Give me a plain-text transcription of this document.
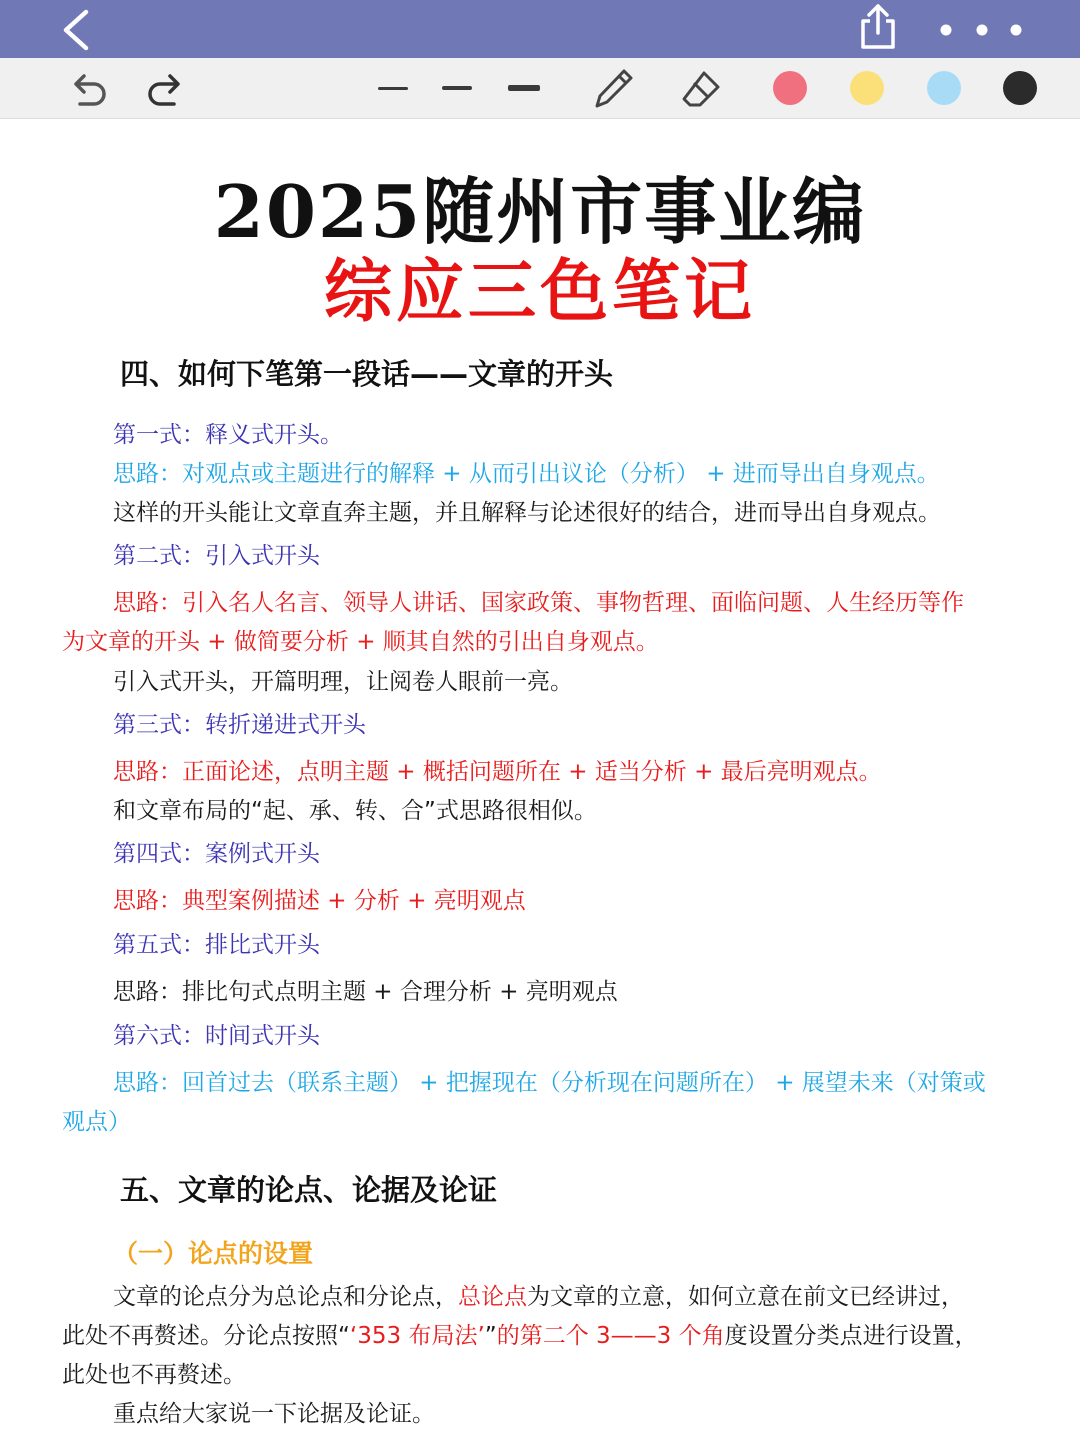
2025随州市事业编
综应三色笔记
四、如何下笔第一段话——文章的开头
第一式：释义式开头。
思路：对观点或主题进行的解释 + 从而引出议论（分析） + 进而导出自身观点。
这样的开头能让文章直奔主题，并且解释与论述很好的结合，进而导出自身观点。
第二式：引入式开头
思路：引入名人名言、领导人讲话、国家政策、事物哲理、面临问题、人生经历等作
为文章的开头 + 做简要分析 + 顺其自然的引出自身观点。
引入式开头，开篇明理，让阅卷人眼前一亮。
第三式：转折递进式开头
思路：正面论述，点明主题 + 概括问题所在 + 适当分析 + 最后亮明观点。
和文章布局的“起、承、转、合”式思路很相似。
第四式：案例式开头
思路：典型案例描述 + 分析 + 亮明观点
第五式：排比式开头
思路：排比句式点明主题 + 合理分析 + 亮明观点
第六式：时间式开头
思路：回首过去（联系主题） + 把握现在（分析现在问题所在） + 展望未来（对策或
观点）
五、文章的论点、论据及论证
（一）论点的设置
文章的论点分为总论点和分论点，总论点为文章的立意，如何立意在前文已经讲过，
此处不再赘述。分论点按照“‘353 布局法’”的第二个 3——3 个角度设置分类点进行设置，
此处也不再赘述。
重点给大家说一下论据及论证。
